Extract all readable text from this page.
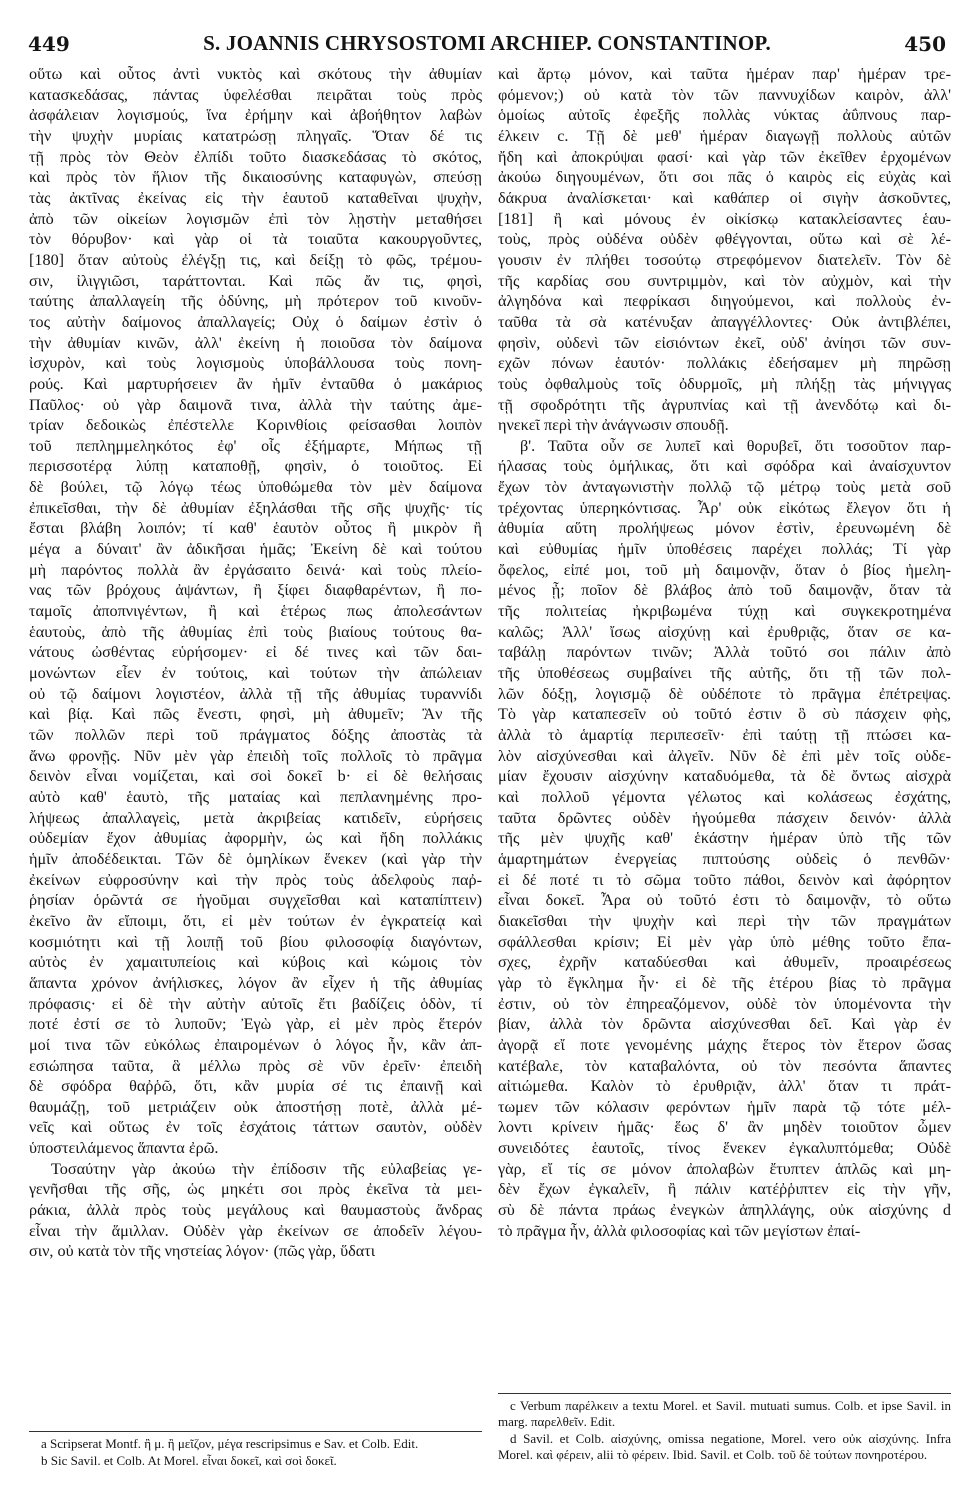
449	S. JOANNIS CHRYSOSTOMI ARCHIEP. CONSTANTINOP.	450
οὕτω καὶ οὗτος ἀντὶ νυκτὸς καὶ σκότους τὴν ἀθυμίαν
κατασκεδάσας, πάντας ὑφελέσθαι πειρᾶται τοὺς πρὸς
ἀσφάλειαν λογισμούς, ἵνα ἐρήμην καὶ ἀβοήθητον λαβὼν
τὴν ψυχὴν μυρίαις κατατρώσῃ πληγαῖς. Ὅταν δέ τις
τῇ πρὸς τὸν Θεὸν ἐλπίδι τοῦτο διασκεδάσας τὸ σκότος,
καὶ πρὸς τὸν ἥλιον τῆς δικαιοσύνης καταφυγὼν, σπεύσῃ
τὰς ἀκτῖνας ἐκείνας εἰς τὴν ἑαυτοῦ καταθεῖναι ψυχὴν,
ἀπὸ τῶν οἰκείων λογισμῶν ἐπὶ τὸν λῃστὴν μεταθήσει
τὸν θόρυβον· καὶ γὰρ οἱ τὰ τοιαῦτα κακουργοῦντες,
[180] ὅταν αὐτοὺς ἐλέγξῃ τις, καὶ δείξῃ τὸ φῶς, τρέμου-
σιν, ἰλιγγιῶσι, ταράττονται. Καὶ πῶς ἄν τις, φησὶ,
ταύτης ἀπαλλαγείη τῆς ὀδύνης, μὴ πρότερον τοῦ κινοῦν-
τος αὐτὴν δαίμονος ἀπαλλαγείς; Οὐχ ὁ δαίμων ἐστὶν ὁ
τὴν ἀθυμίαν κινῶν, ἀλλ' ἐκείνη ἡ ποιοῦσα τὸν δαίμονα
ἰσχυρὸν, καὶ τοὺς λογισμοὺς ὑποβάλλουσα τοὺς πονη-
ρούς. Καὶ μαρτυρήσειεν ἂν ἡμῖν ἐνταῦθα ὁ μακάριος
Παῦλος· οὐ γὰρ δαιμονᾶ τινα, ἀλλὰ τὴν ταύτης ἀμε-
τρίαν δεδοικὼς ἐπέστελλε Κορινθίοις φείσασθαι λοιπὸν
τοῦ πεπλημμεληκότος ἐφ' οἷς ἐξήμαρτε, Μήπως τῇ
περισσοτέρᾳ λύπῃ καταποθῇ, φησὶν, ὁ τοιοῦτος. Εἰ
δὲ βούλει, τῷ λόγῳ τέως ὑποθώμεθα τὸν μὲν δαίμονα
ἐπικεῖσθαι, τὴν δὲ ἀθυμίαν ἐξηλάσθαι τῆς σῆς ψυχῆς· τίς
ἔσται βλάβη λοιπόν; τί καθ' ἑαυτὸν οὗτος ἢ μικρὸν ἢ
μέγα a δύναιτ' ἂν ἀδικῆσαι ἡμᾶς; Ἐκείνη δὲ καὶ τούτου
μὴ παρόντος πολλὰ ἂν ἐργάσαιτο δεινά· καὶ τοὺς πλείο-
νας τῶν βρόχους ἀψάντων, ἢ ξίφει διαφθαρέντων, ἢ πο-
ταμοῖς ἀποπνιγέντων, ἢ καὶ ἑτέρως πως ἀπολεσάντων
ἑαυτοὺς, ἀπὸ τῆς ἀθυμίας ἐπὶ τοὺς βιαίους τούτους θα-
νάτους ὠσθέντας εὑρήσομεν· εἰ δέ τινες καὶ τῶν δαι-
μονώντων εἶεν ἐν τούτοις, καὶ τούτων τὴν ἀπώλειαν
οὐ τῷ δαίμονι λογιστέον, ἀλλὰ τῇ τῆς ἀθυμίας τυραννίδι
καὶ βίᾳ. Καὶ πῶς ἔνεστι, φησὶ, μὴ ἀθυμεῖν; Ἂν τῆς
τῶν πολλῶν περὶ τοῦ πράγματος δόξης ἀποστὰς τὰ
ἄνω φρονῇς. Νῦν μὲν γὰρ ἐπειδὴ τοῖς πολλοῖς τὸ πρᾶγμα
δεινὸν εἶναι νομίζεται, καὶ σοὶ δοκεῖ b· εἰ δὲ θελήσαις
αὐτὸ καθ' ἑαυτὸ, τῆς ματαίας καὶ πεπλανημένης προ-
λήψεως ἀπαλλαγεὶς, μετὰ ἀκριβείας κατιδεῖν, εὑρήσεις
οὐδεμίαν ἔχον ἀθυμίας ἀφορμὴν, ὡς καὶ ἤδη πολλάκις
ἡμῖν ἀποδέδεικται. Τῶν δὲ ὁμηλίκων ἕνεκεν (καὶ γὰρ τὴν
ἐκείνων εὐφροσύνην καὶ τὴν πρὸς τοὺς ἀδελφοὺς παῤ-
ῥησίαν ὁρῶντά σε ἡγοῦμαι συγχεῖσθαι καὶ καταπίπτειν)
ἐκεῖνο ἂν εἴποιμι, ὅτι, εἰ μὲν τούτων ἐν ἐγκρατείᾳ καὶ
κοσμιότητι καὶ τῇ λοιπῇ τοῦ βίου φιλοσοφίᾳ διαγόντων,
αὐτὸς ἐν χαμαιτυπείοις καὶ κύβοις καὶ κώμοις τὸν
ἅπαντα χρόνον ἀνήλισκες, λόγον ἂν εἶχεν ἡ τῆς ἀθυμίας
πρόφασις· εἰ δὲ τὴν αὐτὴν αὐτοῖς ἔτι βαδίζεις ὁδὸν, τί
ποτέ ἐστί σε τὸ λυποῦν; Ἐγὼ γὰρ, εἰ μὲν πρὸς ἕτερόν
μοί τινα τῶν εὐκόλως ἐπαιρομένων ὁ λόγος ἦν, κἂν ἀπ-
εσιώπησα ταῦτα, ἃ μέλλω πρὸς σὲ νῦν ἐρεῖν· ἐπειδὴ
δὲ σφόδρα θαῤῥῶ, ὅτι, κἂν μυρία σέ τις ἐπαινῇ καὶ
θαυμάζῃ, τοῦ μετριάζειν οὐκ ἀποστήσῃ ποτὲ, ἀλλὰ μέ-
νεῖς καὶ οὕτως ἐν τοῖς ἐσχάτοις τάττων σαυτὸν, οὐδὲν
ὑποστειλάμενος ἅπαντα ἐρῶ.
Τοσαύτην γὰρ ἀκούω τὴν ἐπίδοσιν τῆς εὐλαβείας γε-
γενῆσθαι τῆς σῆς, ὡς μηκέτι σοι πρὸς ἐκεῖνα τὰ μει-
ράκια, ἀλλὰ πρὸς τοὺς μεγάλους καὶ θαυμαστοὺς ἄνδρας
εἶναι τὴν ἅμιλλαν. Οὐδὲν γὰρ ἐκείνων σε ἀποδεῖν λέγου-
σιν, οὐ κατὰ τὸν τῆς νηστείας λόγον· (πῶς γὰρ, ὕδατι
καὶ ἄρτῳ μόνον, καὶ ταῦτα ἡμέραν παρ' ἡμέραν τρε-
φόμενον;) οὐ κατὰ τὸν τῶν παννυχίδων καιρὸν, ἀλλ'
ὁμοίως αὐτοῖς ἐφεξῆς πολλὰς νύκτας ἀΰπνους παρ-
έλκειν c. Τῇ δὲ μεθ' ἡμέραν διαγωγῇ πολλοὺς αὐτῶν
ἤδη καὶ ἀποκρύψαι φασί· καὶ γὰρ τῶν ἐκεῖθεν ἐρχομένων
ἀκούω διηγουμένων, ὅτι σοι πᾶς ὁ καιρὸς εἰς εὐχὰς καὶ
δάκρυα ἀναλίσκεται· καὶ καθάπερ οἱ σιγὴν ἀσκοῦντες,
[181] ἢ καὶ μόνους ἐν οἰκίσκῳ κατακλείσαντες ἑαυ-
τοὺς, πρὸς οὐδένα οὐδὲν φθέγγονται, οὕτω καὶ σὲ λέ-
γουσιν ἐν πλήθει τοσούτῳ στρεφόμενον διατελεῖν. Τὸν δὲ
τῆς καρδίας σου συντριμμὸν, καὶ τὸν αὐχμὸν, καὶ τὴν
ἀλγηδόνα καὶ πεφρίκασι διηγούμενοι, καὶ πολλοὺς ἐν-
ταῦθα τὰ σὰ κατένυξαν ἀπαγγέλλοντες· Οὐκ ἀντιβλέπει,
φησὶν, οὐδενὶ τῶν εἰσιόντων ἐκεῖ, οὐδ' ἀνίησι τῶν συν-
εχῶν πόνων ἑαυτόν· πολλάκις ἐδεήσαμεν μὴ πηρῶσῃ
τοὺς ὀφθαλμοὺς τοῖς ὀδυρμοῖς, μὴ πλήξῃ τὰς μήνιγγας
τῇ σφοδρότητι τῆς ἀγρυπνίας καὶ τῇ ἀνενδότῳ καὶ δι-
ηνεκεῖ περὶ τὴν ἀνάγνωσιν σπουδῇ.
β'. Ταῦτα οὖν σε λυπεῖ καὶ θορυβεῖ, ὅτι τοσοῦτον παρ-
ήλασας τοὺς ὁμήλικας, ὅτι καὶ σφόδρα καὶ ἀναίσχυντον
ἔχων τὸν ἀνταγωνιστὴν πολλῷ τῷ μέτρῳ τοὺς μετὰ σοῦ
τρέχοντας ὑπερηκόντισας. Ἆρ' οὐκ εἰκότως ἔλεγον ὅτι ἡ
ἀθυμία αὕτη προλήψεως μόνον ἐστὶν, ἐρευνωμένη δὲ
καὶ εὐθυμίας ἡμῖν ὑποθέσεις παρέχει πολλάς; Τί γὰρ
ὄφελος, εἰπέ μοι, τοῦ μὴ δαιμονᾷν, ὅταν ὁ βίος ἠμελη-
μένος ᾖ; ποῖον δὲ βλάβος ἀπὸ τοῦ δαιμονᾷν, ὅταν τὰ
τῆς πολιτείας ἠκριβωμένα τύχῃ καὶ συγκεκροτημένα
καλῶς; Ἀλλ' ἴσως αἰσχύνῃ καὶ ἐρυθριᾷς, ὅταν σε κα-
ταβάλῃ παρόντων τινῶν; Ἀλλὰ τοῦτό σοι πάλιν ἀπὸ
τῆς ὑποθέσεως συμβαίνει τῆς αὐτῆς, ὅτι τῇ τῶν πολ-
λῶν δόξῃ, λογισμῷ δὲ οὐδέποτε τὸ πρᾶγμα ἐπέτρεψας.
Τὸ γὰρ καταπεσεῖν οὐ τοῦτό ἐστιν ὃ σὺ πάσχειν φὴς,
ἀλλὰ τὸ ἁμαρτίᾳ περιπεσεῖν· ἐπὶ ταύτῃ τῇ πτώσει κα-
λὸν αἰσχύνεσθαι καὶ ἀλγεῖν. Νῦν δὲ ἐπὶ μὲν τοῖς οὐδε-
μίαν ἔχουσιν αἰσχύνην καταδυόμεθα, τὰ δὲ ὄντως αἰσχρὰ
καὶ πολλοῦ γέμοντα γέλωτος καὶ κολάσεως ἐσχάτης,
ταῦτα δρῶντες οὐδὲν ἡγούμεθα πάσχειν δεινόν· ἀλλὰ
τῆς μὲν ψυχῆς καθ' ἑκάστην ἡμέραν ὑπὸ τῆς τῶν
ἁμαρτημάτων ἐνεργείας πιπτούσης οὐδεὶς ὁ πενθῶν·
εἰ δέ ποτέ τι τὸ σῶμα τοῦτο πάθοι, δεινὸν καὶ ἀφόρητον
εἶναι δοκεῖ. Ἆρα οὐ τοῦτό ἐστι τὸ δαιμονᾷν, τὸ οὕτω
διακεῖσθαι τὴν ψυχὴν καὶ περὶ τὴν τῶν πραγμάτων
σφάλλεσθαι κρίσιν; Εἰ μὲν γὰρ ὑπὸ μέθης τοῦτο ἔπα-
σχες, ἐχρῆν καταδύεσθαι καὶ ἀθυμεῖν, προαιρέσεως
γὰρ τὸ ἔγκλημα ἦν· εἰ δὲ τῆς ἑτέρου βίας τὸ πρᾶγμα
ἐστιν, οὐ τὸν ἐπηρεαζόμενον, οὐδὲ τὸν ὑπομένοντα τὴν
βίαν, ἀλλὰ τὸν δρῶντα αἰσχύνεσθαι δεῖ. Καὶ γὰρ ἐν
ἀγορᾷ εἴ ποτε γενομένης μάχης ἕτερος τὸν ἕτερον ὤσας
κατέβαλε, τὸν καταβαλόντα, οὐ τὸν πεσόντα ἅπαντες
αἰτιώμεθα. Καλὸν τὸ ἐρυθριᾷν, ἀλλ' ὅταν τι πράτ-
τωμεν τῶν κόλασιν φερόντων ἡμῖν παρὰ τῷ τότε μέλ-
λοντι κρίνειν ἡμᾶς· ἕως δ' ἂν μηδὲν τοιοῦτον ὦμεν
συνειδότες ἑαυτοῖς, τίνος ἕνεκεν ἐγκαλυπτόμεθα; Οὐδὲ
γὰρ, εἴ τίς σε μόνον ἀπολαβὼν ἔτυπτεν ἁπλῶς καὶ μη-
δὲν ἔχων ἐγκαλεῖν, ἢ πάλιν κατέῤῥιπτεν εἰς τὴν γῆν,
σὺ δὲ πάντα πράως ἐνεγκὼν ἀπηλλάγης, οὐκ αἰσχύνης d
τὸ πρᾶγμα ἦν, ἀλλὰ φιλοσοφίας καὶ τῶν μεγίστων ἐπαί-

a Scripserat Montf. ἢ μ. ἢ μεῖζον, μέγα rescripsimus e Sav. et Colb. Edit.

b Sic Savil. et Colb. At Morel. εἶναι δοκεῖ, καὶ σοὶ δοκεῖ.

c Verbum παρέλκειν a textu Morel. et Savil. mutuati sumus. Colb. et ipse Savil. in marg. παρελθεῖν. Edit.

d Savil. et Colb. αἰσχύνης, omissa negatione, Morel. vero οὐκ αἰσχύνης. Infra Morel. καὶ φέρειν, alii τὸ φέρειν. Ibid. Savil. et Colb. τοῦ δὲ τούτων πονηροτέρου.
